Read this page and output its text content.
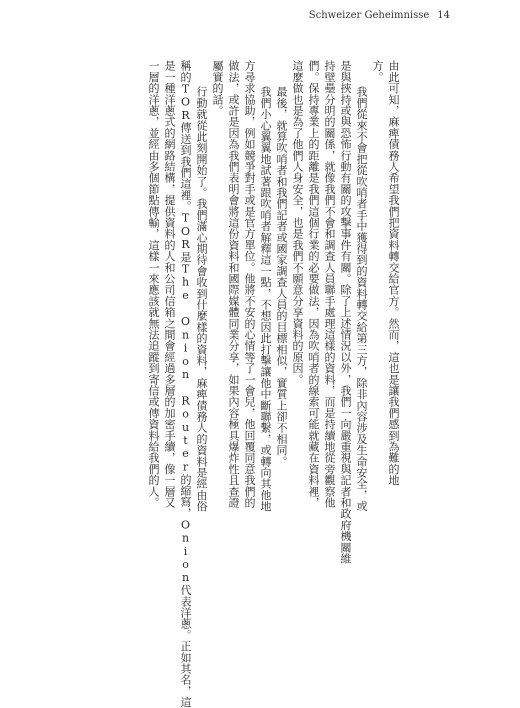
Schweizer Geheimnisse 14
由此可知，麻痺債務人希望我們把資料轉交給官方。然而，這也是讓我們感到為難的地
方。
我們從來不會把從吹哨者手中獲得到的資料轉交給第三方，除非內容涉及生命安全，或
是與挾持或與恐怖行動有關的攻擊事件有關。除了上述情況以外，我們一向嚴重視與記者和政府機關維
持壁壘分明的關係，就像我們不會和調查人員聯手處理這樣的資料，而是持續地從旁觀察他
們。保持專業上的距離是我們這個行業的必要做法，因為吹哨者的線索可能就藏在資料裡，
這麼做也是為了他們人身安全，也是我們不願意分享資料的原因。
最後，就算吹哨者和我們記者或國家調查人員的目標相似，實質上卻不相同。
我們小心翼翼地試著跟吹哨者解釋這一點，不想因此打擊讓他中斷聯繫，或轉向其他地
方尋求協助，例如競爭對手或是官方單位。他將不安的心情等了一會兒，他回覆同意我們的
做法，或許是因為我們表明會將這份資料和國際媒體同業分享，如果內容極具爆炸性且查證
屬實的話。
行動就從此刻開始了。我們滿心期待會收到什麼樣的資料，麻痺債務人的資料是經由俗
稱的TOR傳送到我們這裡。TOR是The Onion Router的縮寫，Onion代表洋蔥。正如其名，這
是一種洋蔥式的網路結構，提供資料的人和公司信箱之間會經過多層的加密手續，像一層又
一層的洋蔥，並經由多個節點傳輸，這樣一來應該就無法追蹤到寄信或傳資料給我們的人。
